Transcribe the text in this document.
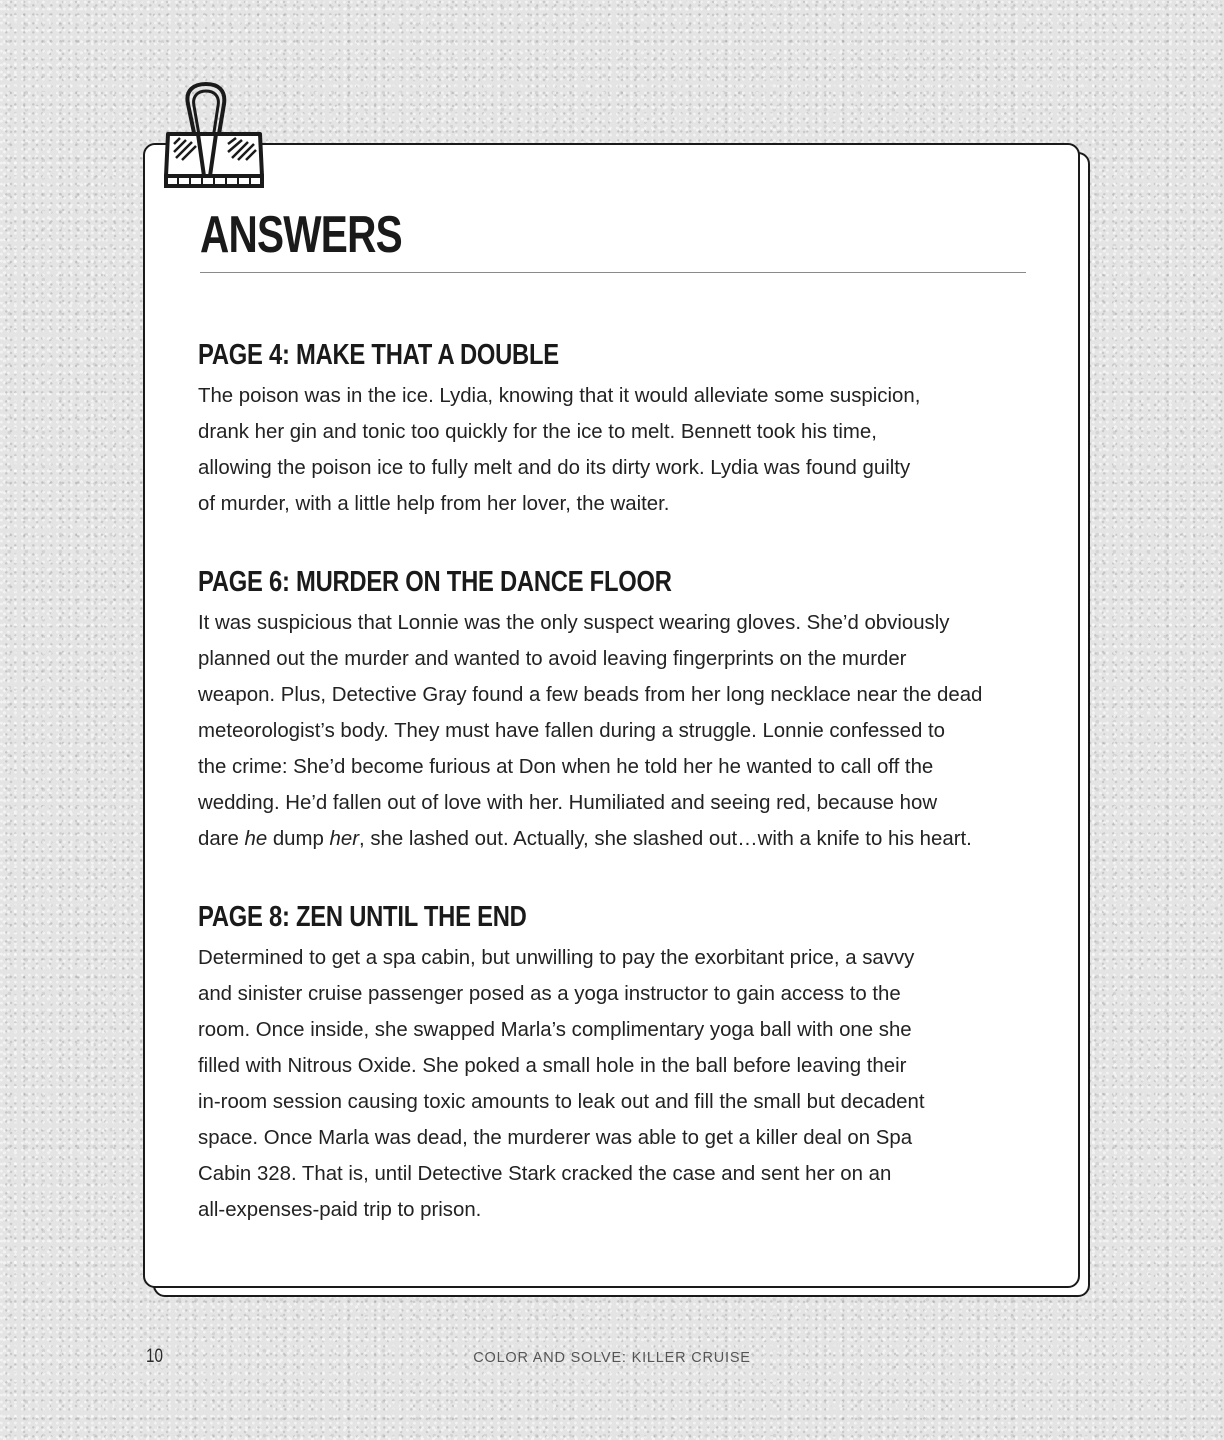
ANSWERS
PAGE 4: MAKE THAT A DOUBLE

The poison was in the ice. Lydia, knowing that it would alleviate some suspicion,
drank her gin and tonic too quickly for the ice to melt. Bennett took his time,
allowing the poison ice to fully melt and do its dirty work. Lydia was found guilty
of murder, with a little help from her lover, the waiter.

PAGE 6: MURDER ON THE DANCE FLOOR

It was suspicious that Lonnie was the only suspect wearing gloves. She’d obviously
planned out the murder and wanted to avoid leaving fingerprints on the murder
weapon. Plus, Detective Gray found a few beads from her long necklace near the dead
meteorologist’s body. They must have fallen during a struggle. Lonnie confessed to
the crime: She’d become furious at Don when he told her he wanted to call off the
wedding. He’d fallen out of love with her. Humiliated and seeing red, because how
dare he dump her, she lashed out. Actually, she slashed out…with a knife to his heart.

PAGE 8: ZEN UNTIL THE END

Determined to get a spa cabin, but unwilling to pay the exorbitant price, a savvy
and sinister cruise passenger posed as a yoga instructor to gain access to the
room. Once inside, she swapped Marla’s complimentary yoga ball with one she
filled with Nitrous Oxide. She poked a small hole in the ball before leaving their
in-room session causing toxic amounts to leak out and fill the small but decadent
space. Once Marla was dead, the murderer was able to get a killer deal on Spa
Cabin 328. That is, until Detective Stark cracked the case and sent her on an
all-expenses-paid trip to prison.

10	COLOR AND SOLVE: KILLER CRUISE
